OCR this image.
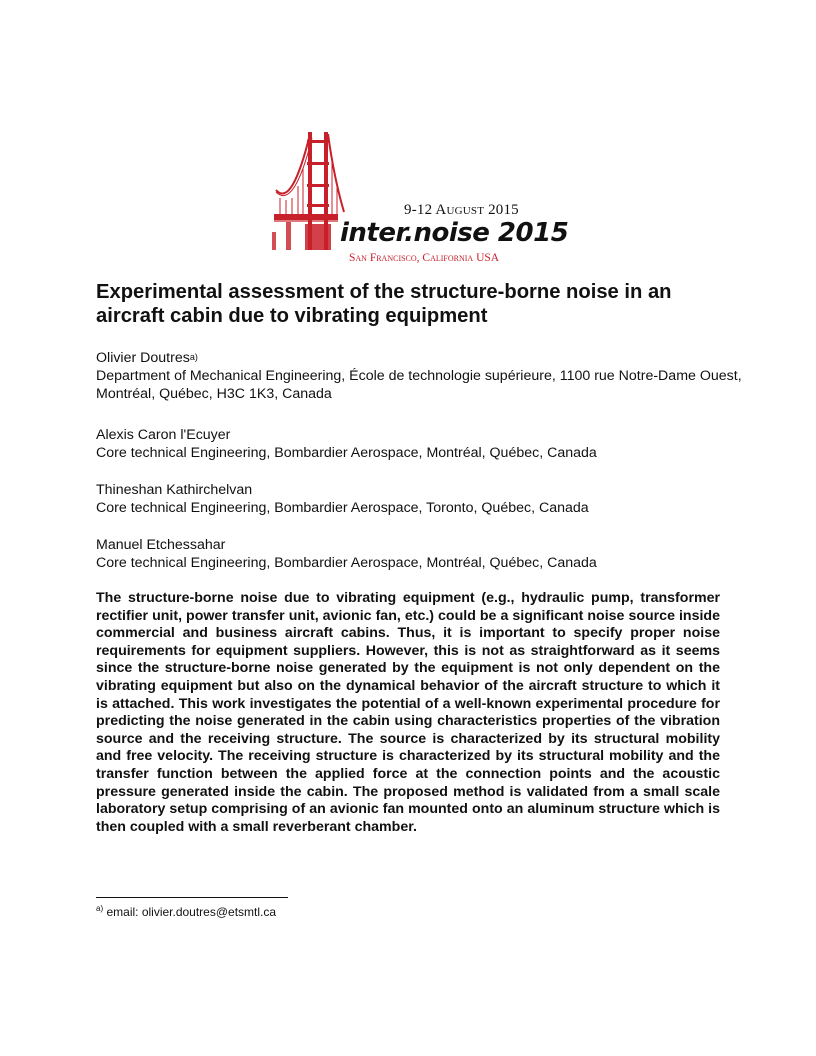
9-12 August 2015
inter.noise 2015
San Francisco, California USA
Experimental assessment of the structure-borne noise in an aircraft cabin due to vibrating equipment
Olivier Doutres$^{a)}$
Department of Mechanical Engineering, École de technologie supérieure, 1100 rue Notre-Dame Ouest, Montréal, Québec, H3C 1K3, Canada
Alexis Caron l'Ecuyer
Core technical Engineering, Bombardier Aerospace, Montréal, Québec, Canada
Thineshan Kathirchelvan
Core technical Engineering, Bombardier Aerospace, Toronto, Québec, Canada
Manuel Etchessahar
Core technical Engineering, Bombardier Aerospace, Montréal, Québec, Canada

The structure-borne noise due to vibrating equipment (e.g., hydraulic pump, transformer rectifier unit, power transfer unit, avionic fan, etc.) could be a significant noise source inside commercial and business aircraft cabins. Thus, it is important to specify proper noise requirements for equipment suppliers. However, this is not as straightforward as it seems since the structure-borne noise generated by the equipment is not only dependent on the vibrating equipment but also on the dynamical behavior of the aircraft structure to which it is attached. This work investigates the potential of a well-known experimental procedure for predicting the noise generated in the cabin using characteristics properties of the vibration source and the receiving structure. The source is characterized by its structural mobility and free velocity. The receiving structure is characterized by its structural mobility and the transfer function between the applied force at the connection points and the acoustic pressure generated inside the cabin. The proposed method is validated from a small scale laboratory setup comprising of an avionic fan mounted onto an aluminum structure which is then coupled with a small reverberant chamber.

$^{a)}$ email: olivier.doutres@etsmtl.ca
